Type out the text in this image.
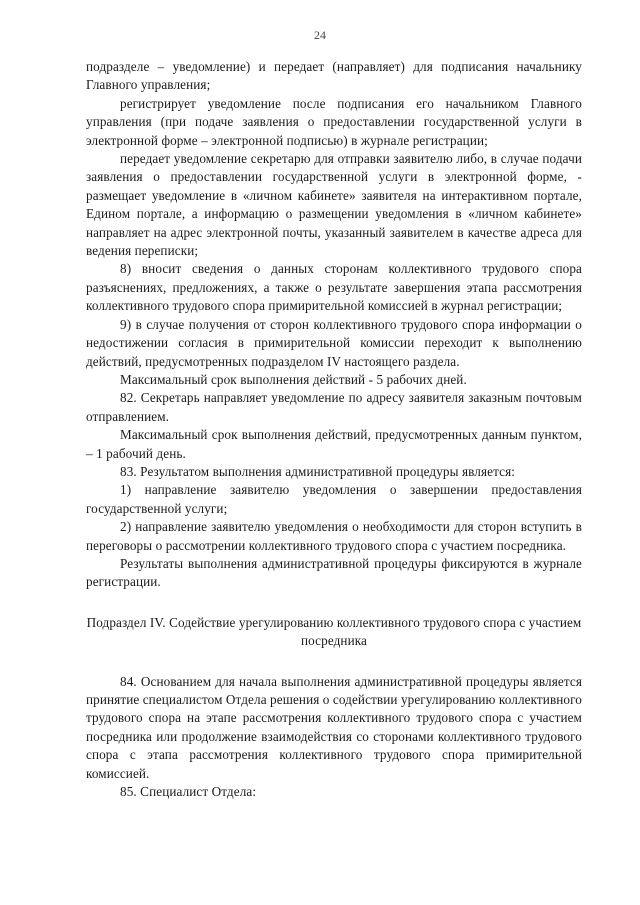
24

подразделе – уведомление) и передает (направляет) для подписания начальнику Главного управления;

регистрирует уведомление после подписания его начальником Главного управления (при подаче заявления о предоставлении государственной услуги в электронной форме – электронной подписью) в журнале регистрации;

передает уведомление секретарю для отправки заявителю либо, в случае подачи заявления о предоставлении государственной услуги в электронной форме, - размещает уведомление в «личном кабинете» заявителя на интерактивном портале, Едином портале, а информацию о размещении уведомления в «личном кабинете» направляет на адрес электронной почты, указанный заявителем в качестве адреса для ведения переписки;

8) вносит сведения о данных сторонам коллективного трудового спора разъяснениях, предложениях, а также о результате завершения этапа рассмотрения коллективного трудового спора примирительной комиссией в журнал регистрации;

9) в случае получения от сторон коллективного трудового спора информации о недостижении согласия в примирительной комиссии переходит к выполнению действий, предусмотренных подразделом IV настоящего раздела.

Максимальный срок выполнения действий - 5 рабочих дней.

82. Секретарь направляет уведомление по адресу заявителя заказным почтовым отправлением.

Максимальный срок выполнения действий, предусмотренных данным пунктом, – 1 рабочий день.

83. Результатом выполнения административной процедуры является:

1) направление заявителю уведомления о завершении предоставления государственной услуги;

2) направление заявителю уведомления о необходимости для сторон вступить в переговоры о рассмотрении коллективного трудового спора с участием посредника.

Результаты выполнения административной процедуры фиксируются в журнале регистрации.

Подраздел IV. Содействие урегулированию коллективного трудового спора с участием посредника

84. Основанием для начала выполнения административной процедуры является принятие специалистом Отдела решения о содействии урегулированию коллективного трудового спора на этапе рассмотрения коллективного трудового спора с участием посредника или продолжение взаимодействия со сторонами коллективного трудового спора с этапа рассмотрения коллективного трудового спора примирительной комиссией.

85. Специалист Отдела:
